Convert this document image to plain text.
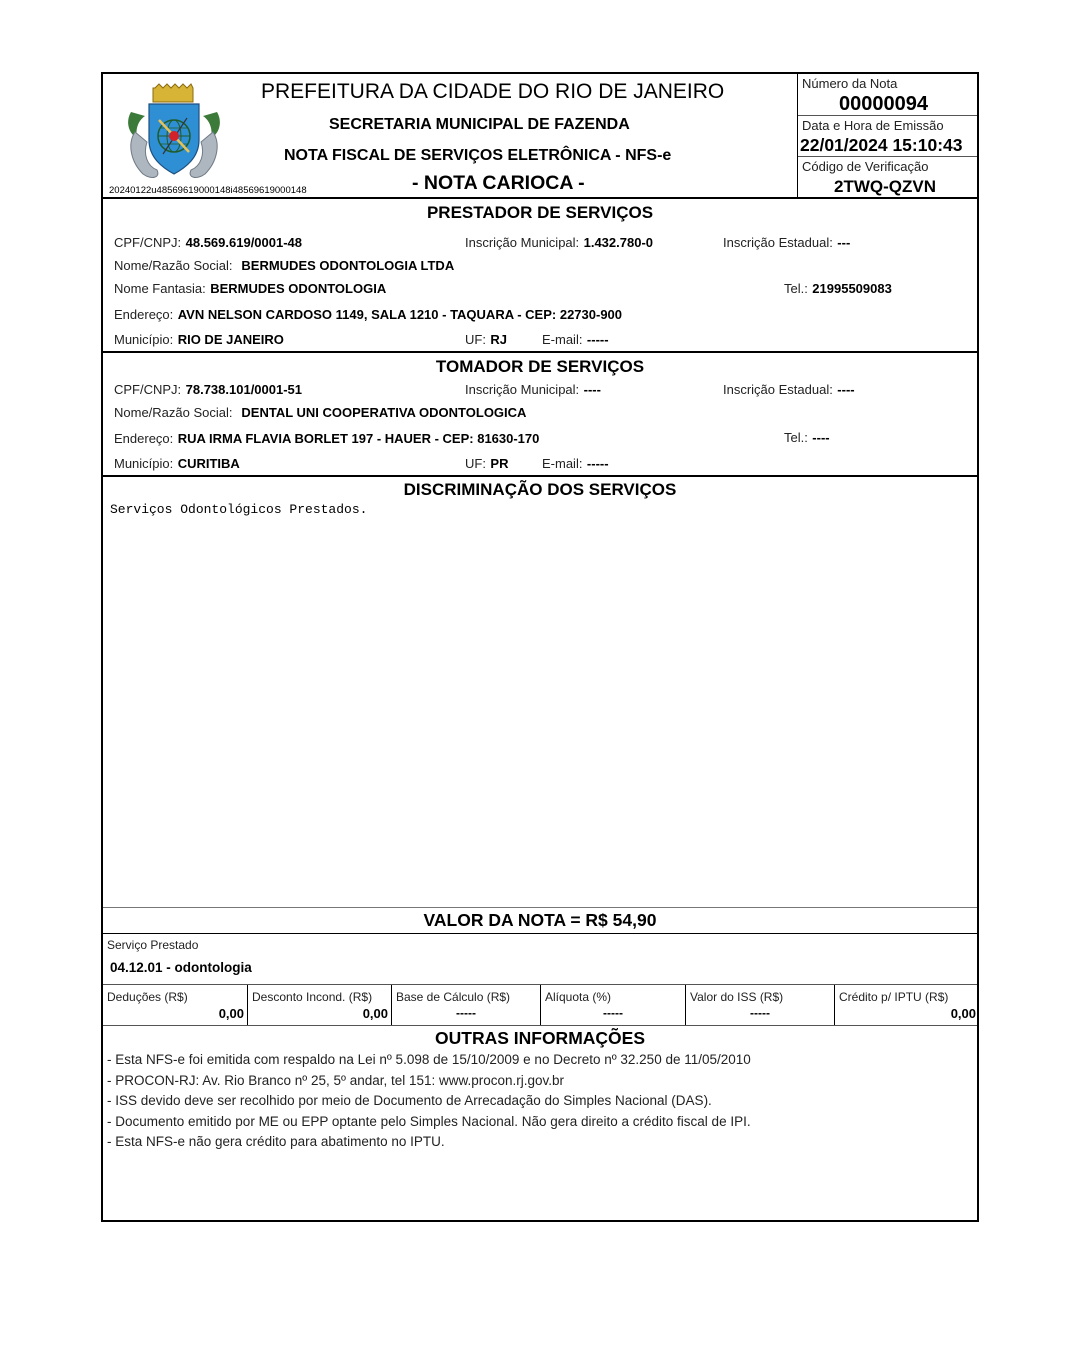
20240122u48569619000148i48569619000148
PREFEITURA DA CIDADE DO RIO DE JANEIRO
SECRETARIA MUNICIPAL DE FAZENDA
NOTA FISCAL DE SERVIÇOS ELETRÔNICA - NFS-e
- NOTA CARIOCA -
Número da Nota
00000094
Data e Hora de Emissão
22/01/2024 15:10:43
Código de Verificação
2TWQ-QZVN
PRESTADOR DE SERVIÇOS
CPF/CNPJ: 48.569.619/0001-48	Inscrição Municipal: 1.432.780-0	Inscrição Estadual: ---
Nome/Razão Social: BERMUDES ODONTOLOGIA LTDA
Nome Fantasia: BERMUDES ODONTOLOGIA	Tel.: 21995509083
Endereço: AVN NELSON CARDOSO 1149, SALA 1210 - TAQUARA - CEP: 22730-900
Município: RIO DE JANEIRO	UF: RJ	E-mail: -----
TOMADOR DE SERVIÇOS
CPF/CNPJ: 78.738.101/0001-51	Inscrição Municipal: ----	Inscrição Estadual: ----
Nome/Razão Social: DENTAL UNI COOPERATIVA ODONTOLOGICA
Endereço: RUA IRMA FLAVIA BORLET 197 - HAUER - CEP: 81630-170	Tel.: ----
Município: CURITIBA	UF: PR	E-mail: -----
DISCRIMINAÇÃO DOS SERVIÇOS
Serviços Odontológicos Prestados.
VALOR DA NOTA = R$ 54,90
Serviço Prestado
04.12.01 - odontologia
Deduções (R$)
0,00
Desconto Incond. (R$)
0,00
Base de Cálculo (R$)
-----
Alíquota (%)
-----
Valor do ISS (R$)
-----
Crédito p/ IPTU (R$)
0,00
OUTRAS INFORMAÇÕES
- Esta NFS-e foi emitida com respaldo na Lei nº 5.098 de 15/10/2009 e no Decreto nº 32.250 de 11/05/2010
- PROCON-RJ: Av. Rio Branco nº 25, 5º andar, tel 151: www.procon.rj.gov.br
- ISS devido deve ser recolhido por meio de Documento de Arrecadação do Simples Nacional (DAS).
- Documento emitido por ME ou EPP optante pelo Simples Nacional. Não gera direito a crédito fiscal de IPI.
- Esta NFS-e não gera crédito para abatimento no IPTU.
